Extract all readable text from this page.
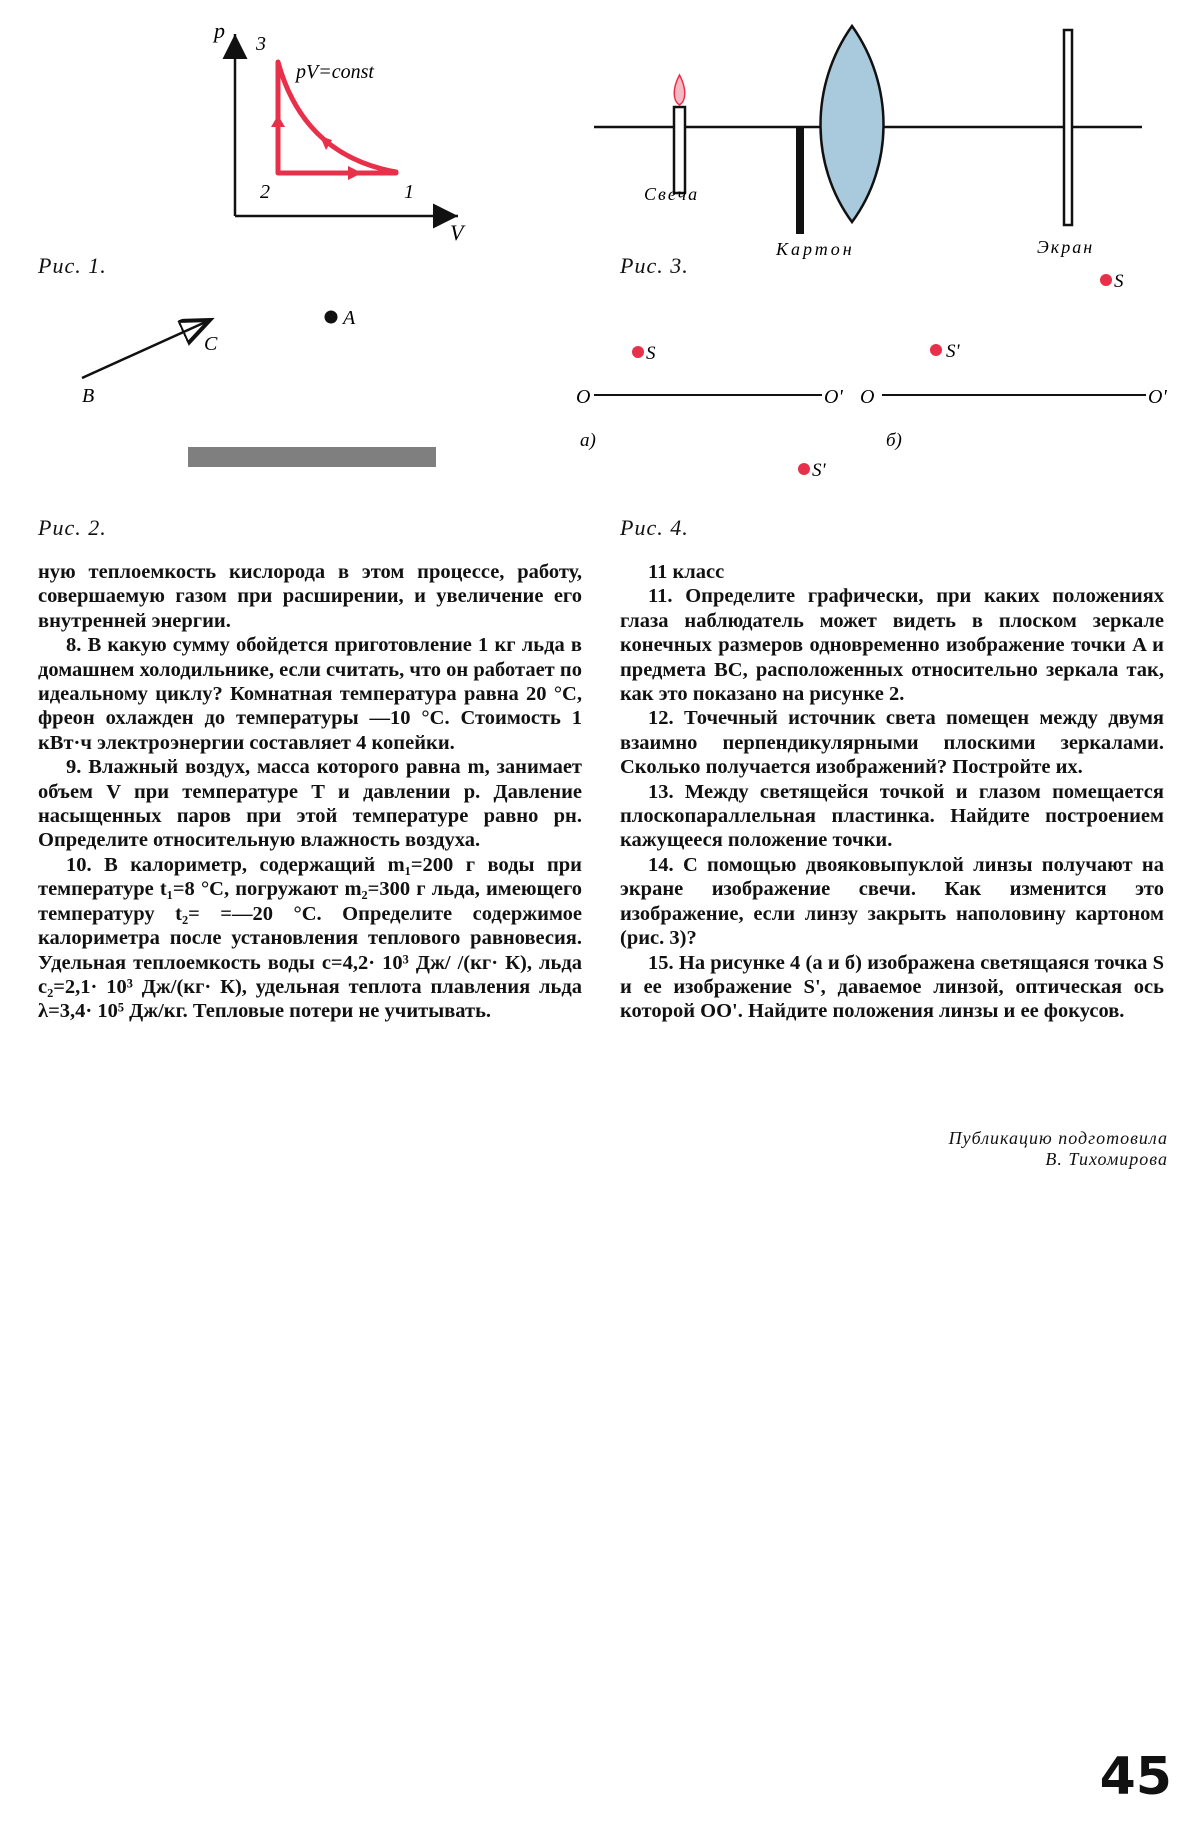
p
V
3
2	1
pV=const
Рис. 1.
B
C
A
Рис. 2.
Свеча
Картон	Экран
Рис. 3.
O	O'
S
S'
а)
O	O'
S
S'
б)
Рис. 4.

ную теплоемкость кислорода в этом процессе, работу, совершаемую газом при расширении, и увеличение его внутренней энергии.

8. В какую сумму обойдется приготовление 1 кг льда в домашнем холодильнике, если считать, что он работает по идеальному циклу? Комнатная температура равна 20 °С, фреон охлажден до температуры —10 °С. Стоимость 1 кВт·ч электроэнергии составляет 4 копейки.

9. Влажный воздух, масса которого равна m, занимает объем V при температуре T и давлении p. Давление насыщенных паров при этой температуре равно pн. Определите относительную влажность воздуха.

10. В калориметр, содержащий m₁=200 г воды при температуре t₁=8 °С, погружают m₂=300 г льда, имеющего температуру t₂= =—20 °С. Определите содержимое калориметра после установления теплового равновесия. Удельная теплоемкость воды c=4,2· 10³ Дж/ /(кг· К), льда c₂=2,1· 10³ Дж/(кг· К), удельная теплота плавления льда λ=3,4· 10⁵ Дж/кг. Тепловые потери не учитывать.

11 класс

11. Определите графически, при каких положениях глаза наблюдатель может видеть в плоском зеркале конечных размеров одновременно изображение точки A и предмета BC, расположенных относительно зеркала так, как это показано на рисунке 2.

12. Точечный источник света помещен между двумя взаимно перпендикулярными плоскими зеркалами. Сколько получается изображений? Постройте их.

13. Между светящейся точкой и глазом помещается плоскопараллельная пластинка. Найдите построением кажущееся положение точки.

14. С помощью двояковыпуклой линзы получают на экране изображение свечи. Как изменится это изображение, если линзу закрыть наполовину картоном (рис. 3)?

15. На рисунке 4 (а и б) изображена светящаяся точка S и ее изображение S', даваемое линзой, оптическая ось которой OO'. Найдите положения линзы и ее фокусов.

Публикацию подготовила
В. Тихомирова
45
